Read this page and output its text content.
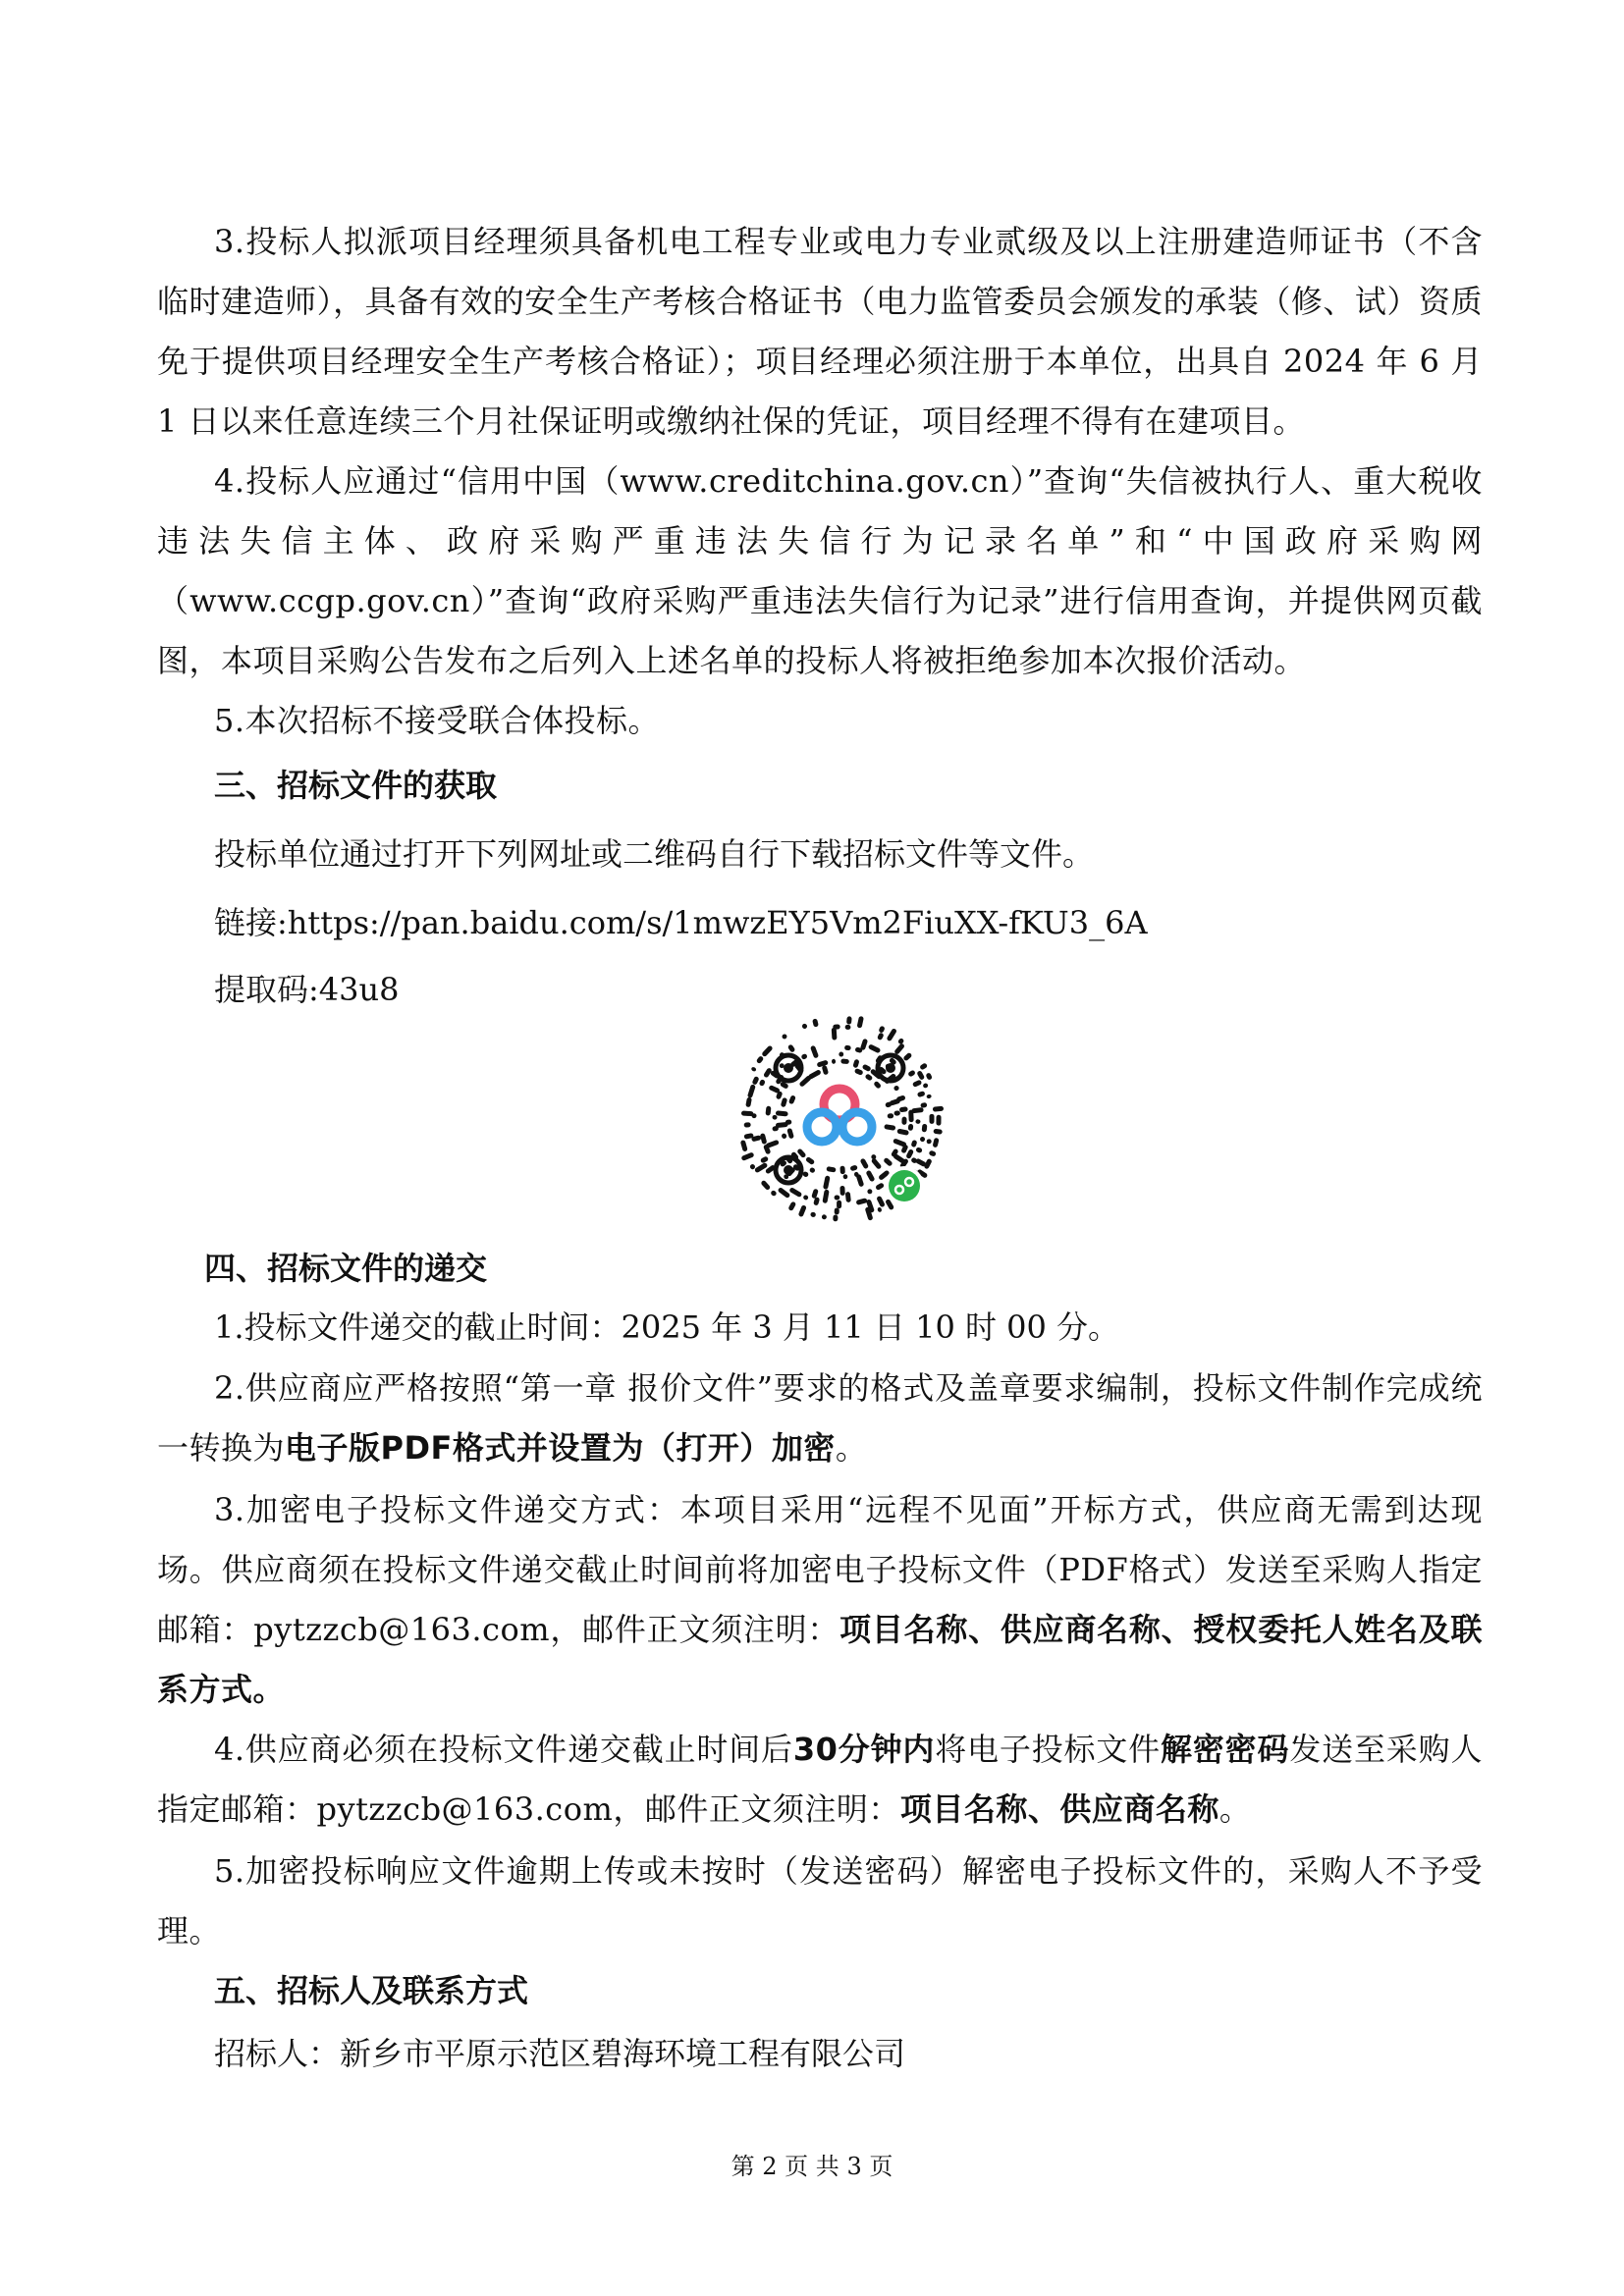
3.投标人拟派项目经理须具备机电工程专业或电力专业贰级及以上注册建造师证书（不含临时建造师），具备有效的安全生产考核合格证书（电力监管委员会颁发的承装（修、试）资质免于提供项目经理安全生产考核合格证）；项目经理必须注册于本单位，出具自 2024 年 6 月 1 日以来任意连续三个月社保证明或缴纳社保的凭证，项目经理不得有在建项目。

4.投标人应通过“信用中国（www.creditchina.gov.cn）”查询“失信被执行人、重大税收违法失信主体、政府采购严重违法失信行为记录名单”和“中国政府采购网（www.ccgp.gov.cn）”查询“政府采购严重违法失信行为记录”进行信用查询，并提供网页截图，本项目采购公告发布之后列入上述名单的投标人将被拒绝参加本次报价活动。

5.本次招标不接受联合体投标。

三、招标文件的获取

投标单位通过打开下列网址或二维码自行下载招标文件等文件。

链接:https://pan.baidu.com/s/1mwzEY5Vm2FiuXX-fKU3_6A

提取码:43u8

四、招标文件的递交

1.投标文件递交的截止时间：2025 年 3 月 11 日 10 时 00 分。

2.供应商应严格按照“第一章 报价文件”要求的格式及盖章要求编制，投标文件制作完成统一转换为电子版PDF格式并设置为（打开）加密。

3.加密电子投标文件递交方式：本项目采用“远程不见面”开标方式，供应商无需到达现场。供应商须在投标文件递交截止时间前将加密电子投标文件（PDF格式）发送至采购人指定邮箱：pytzzcb@163.com，邮件正文须注明：项目名称、供应商名称、授权委托人姓名及联系方式。

4.供应商必须在投标文件递交截止时间后30分钟内将电子投标文件解密密码发送至采购人指定邮箱：pytzzcb@163.com，邮件正文须注明：项目名称、供应商名称。

5.加密投标响应文件逾期上传或未按时（发送密码）解密电子投标文件的，采购人不予受理。

五、招标人及联系方式

招标人：新乡市平原示范区碧海环境工程有限公司

第 2 页 共 3 页
